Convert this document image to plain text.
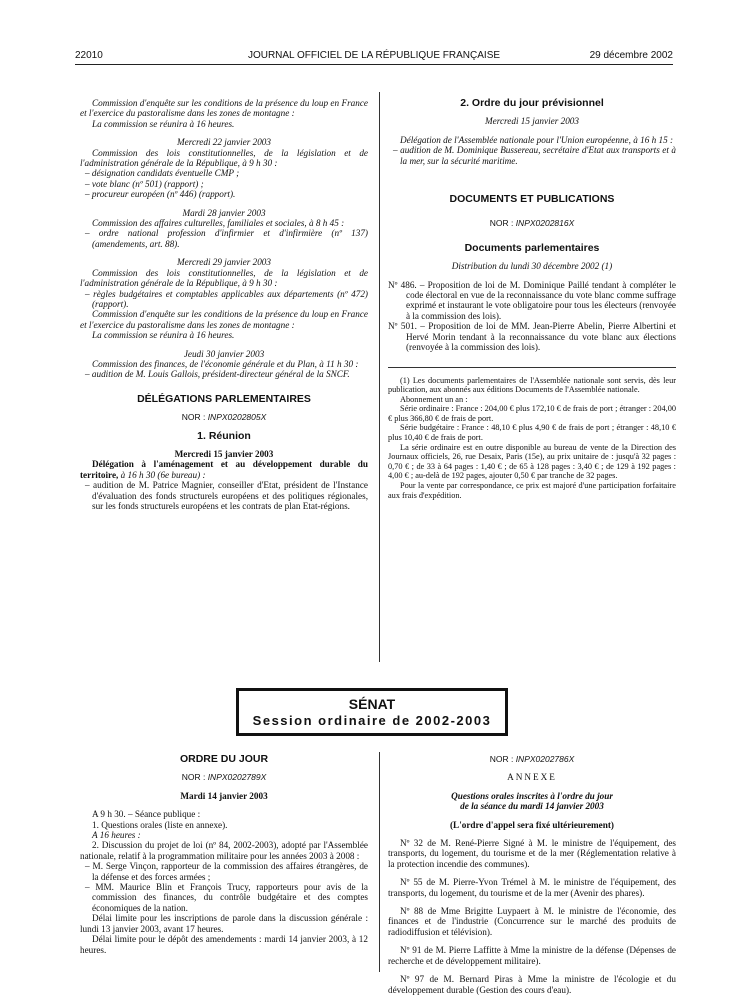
22010	JOURNAL OFFICIEL DE LA RÉPUBLIQUE FRANÇAISE	29 décembre 2002

Commission d'enquête sur les conditions de la présence du loup en France et l'exercice du pastoralisme dans les zones de montagne :

La commission se réunira à 16 heures.

Mercredi 22 janvier 2003

Commission des lois constitutionnelles, de la législation et de l'administration générale de la République, à 9 h 30 :

– désignation candidats éventuelle CMP ;

– vote blanc (nº 501) (rapport) ;

– procureur européen (nº 446) (rapport).

Mardi 28 janvier 2003

Commission des affaires culturelles, familiales et sociales, à 8 h 45 :

– ordre national profession d'infirmier et d'infirmière (nº 137) (amendements, art. 88).

Mercredi 29 janvier 2003

Commission des lois constitutionnelles, de la législation et de l'administration générale de la République, à 9 h 30 :

– règles budgétaires et comptables applicables aux départements (nº 472) (rapport).

Commission d'enquête sur les conditions de la présence du loup en France et l'exercice du pastoralisme dans les zones de montagne :

La commission se réunira à 16 heures.

Jeudi 30 janvier 2003

Commission des finances, de l'économie générale et du Plan, à 11 h 30 :

– audition de M. Louis Gallois, président-directeur général de la SNCF.

DÉLÉGATIONS PARLEMENTAIRES

NOR : INPX0202805X

1. Réunion

Mercredi 15 janvier 2003

Délégation à l'aménagement et au développement durable du territoire, à 16 h 30 (6e bureau) :

– audition de M. Patrice Magnier, conseiller d'Etat, président de l'Instance d'évaluation des fonds structurels européens et des politiques régionales, sur les fonds structurels européens et les contrats de plan Etat-régions.

2. Ordre du jour prévisionnel

Mercredi 15 janvier 2003

Délégation de l'Assemblée nationale pour l'Union européenne, à 16 h 15 :

– audition de M. Dominique Bussereau, secrétaire d'Etat aux transports et à la mer, sur la sécurité maritime.

DOCUMENTS ET PUBLICATIONS

NOR : INPX0202816X

Documents parlementaires

Distribution du lundi 30 décembre 2002 (1)

Nº 486. – Proposition de loi de M. Dominique Paillé tendant à compléter le code électoral en vue de la reconnaissance du vote blanc comme suffrage exprimé et instaurant le vote obligatoire pour tous les électeurs (renvoyée à la commission des lois).

Nº 501. – Proposition de loi de MM. Jean-Pierre Abelin, Pierre Albertini et Hervé Morin tendant à la reconnaissance du vote blanc aux élections (renvoyée à la commission des lois).

(1) Les documents parlementaires de l'Assemblée nationale sont servis, dès leur publication, aux abonnés aux éditions Documents de l'Assemblée nationale.

Abonnement un an :

Série ordinaire : France : 204,00 € plus 172,10 € de frais de port ; étranger : 204,00 € plus 366,80 € de frais de port.

Série budgétaire : France : 48,10 € plus 4,90 € de frais de port ; étranger : 48,10 € plus 10,40 € de frais de port.

La série ordinaire est en outre disponible au bureau de vente de la Direction des Journaux officiels, 26, rue Desaix, Paris (15e), au prix unitaire de : jusqu'à 32 pages : 0,70 € ; de 33 à 64 pages : 1,40 € ; de 65 à 128 pages : 3,40 € ; de 129 à 192 pages : 4,00 € ; au-delà de 192 pages, ajouter 0,50 € par tranche de 32 pages.

Pour la vente par correspondance, ce prix est majoré d'une participation forfaitaire aux frais d'expédition.

SÉNAT
Session ordinaire de 2002-2003

ORDRE DU JOUR

NOR : INPX0202789X

Mardi 14 janvier 2003

A 9 h 30. – Séance publique :

1. Questions orales (liste en annexe).

A 16 heures :

2. Discussion du projet de loi (nº 84, 2002-2003), adopté par l'Assemblée nationale, relatif à la programmation militaire pour les années 2003 à 2008 :

– M. Serge Vinçon, rapporteur de la commission des affaires étrangères, de la défense et des forces armées ;

– MM. Maurice Blin et François Trucy, rapporteurs pour avis de la commission des finances, du contrôle budgétaire et des comptes économiques de la nation.

Délai limite pour les inscriptions de parole dans la discussion générale : lundi 13 janvier 2003, avant 17 heures.

Délai limite pour le dépôt des amendements : mardi 14 janvier 2003, à 12 heures.

NOR : INPX0202786X

ANNEXE

Questions orales inscrites à l'ordre du jour

de la séance du mardi 14 janvier 2003

(L'ordre d'appel sera fixé ultérieurement)

Nº 32 de M. René-Pierre Signé à M. le ministre de l'équipement, des transports, du logement, du tourisme et de la mer (Réglementation relative à la protection incendie des communes).

Nº 55 de M. Pierre-Yvon Trémel à M. le ministre de l'équipement, des transports, du logement, du tourisme et de la mer (Avenir des phares).

Nº 88 de Mme Brigitte Luypaert à M. le ministre de l'économie, des finances et de l'industrie (Concurrence sur le marché des produits de radiodiffusion et télévision).

Nº 91 de M. Pierre Laffitte à Mme la ministre de la défense (Dépenses de recherche et de développement militaire).

Nº 97 de M. Bernard Piras à Mme la ministre de l'écologie et du développement durable (Gestion des cours d'eau).
